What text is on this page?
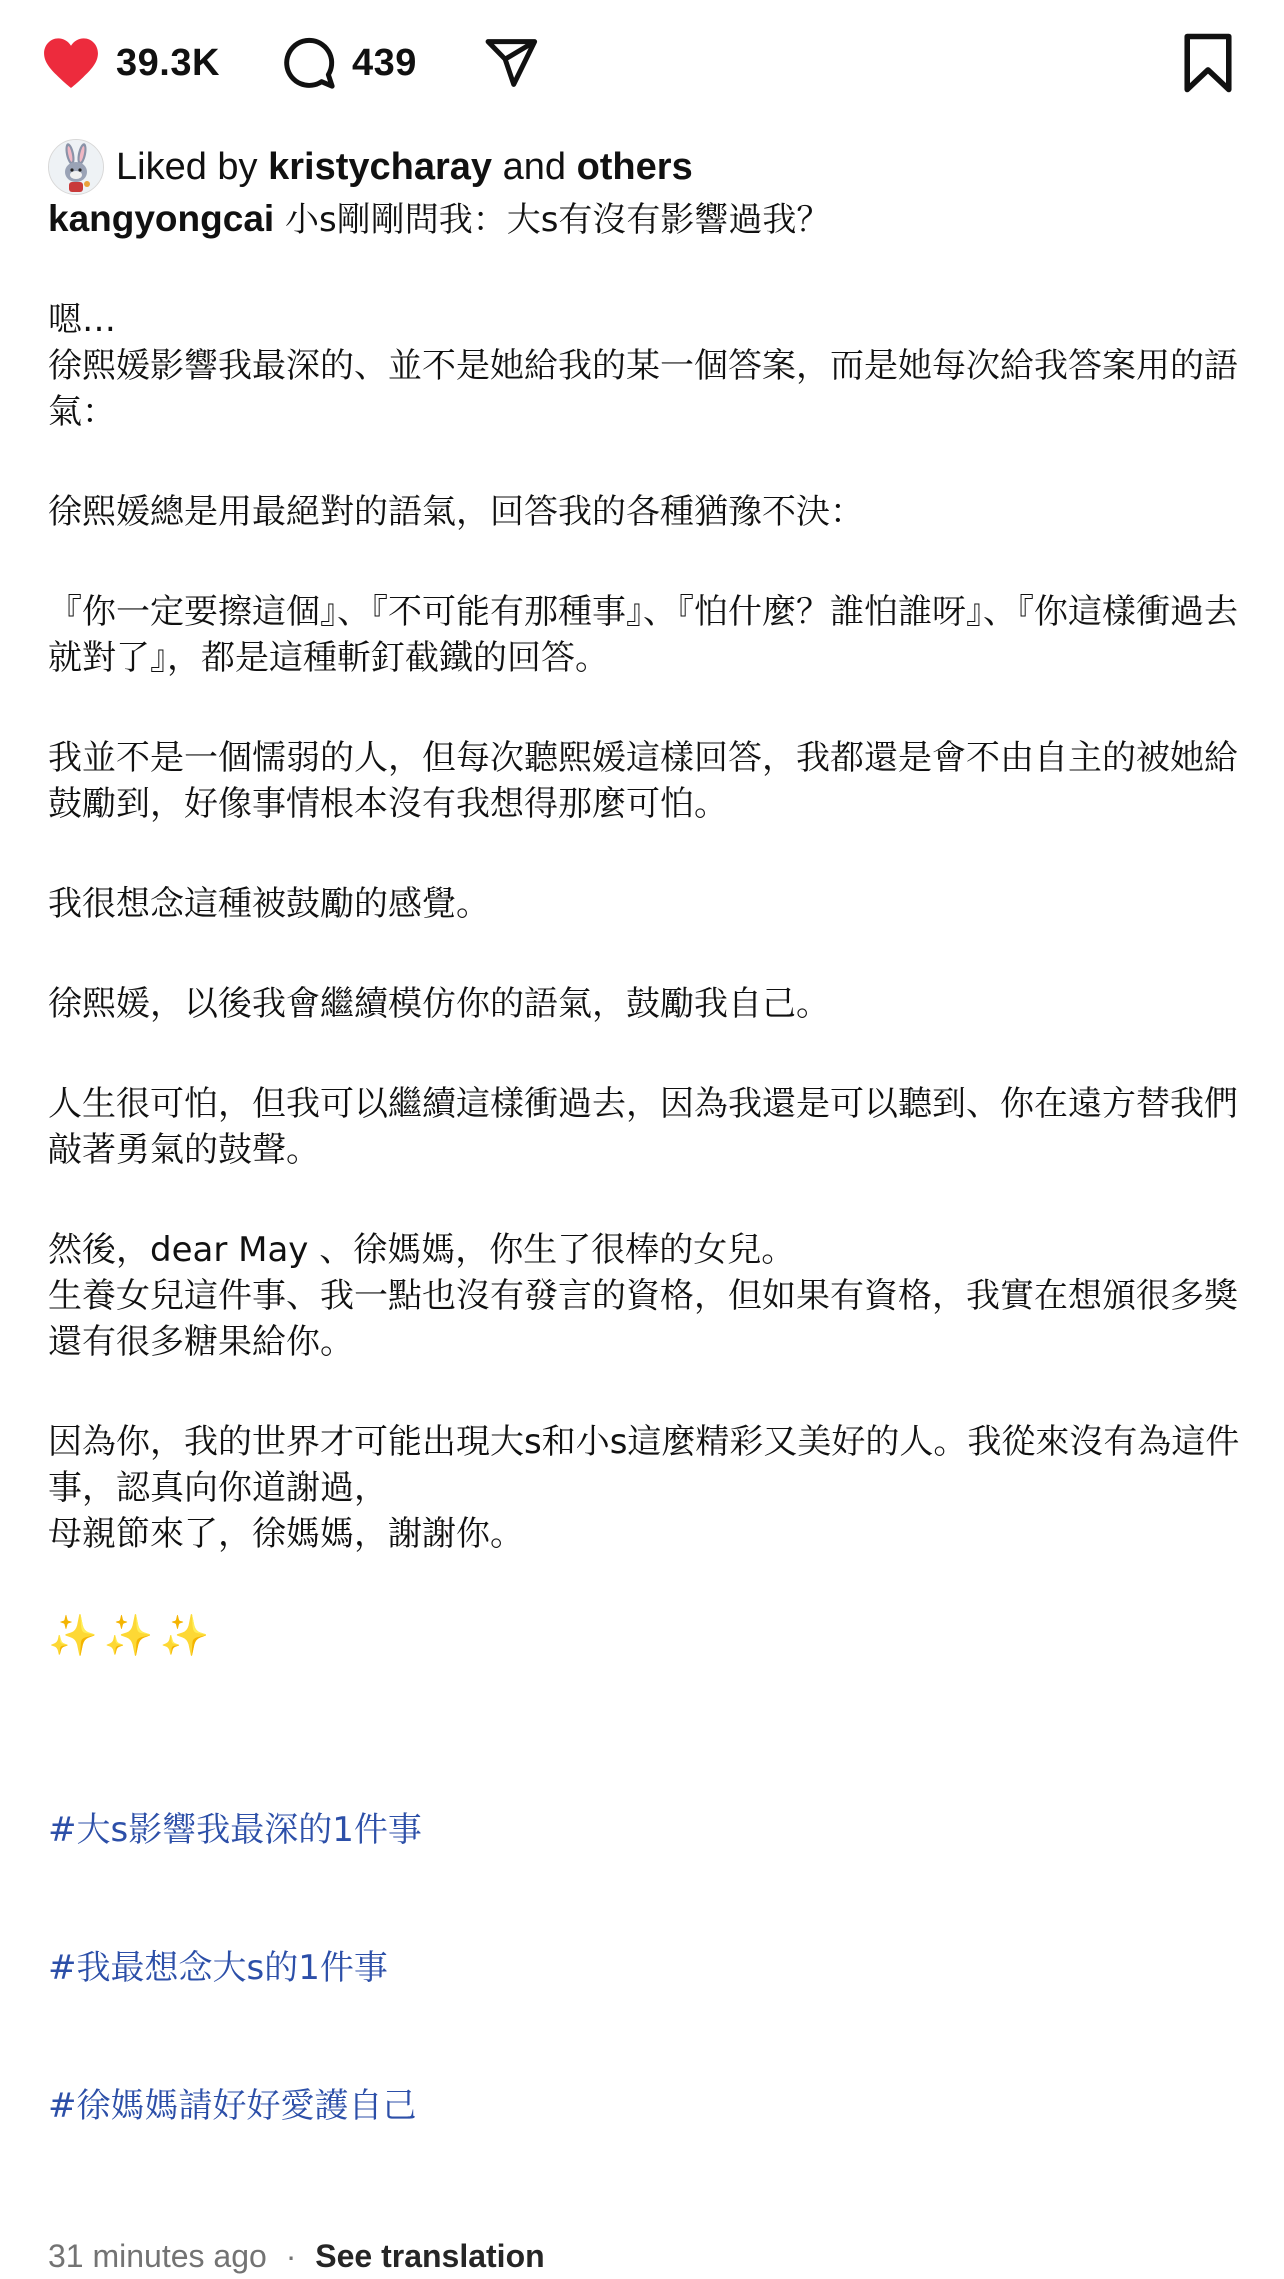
39.3K	439
Liked by kristycharay and others

kangyongcai 小s剛剛問我：大s有沒有影響過我？

嗯…
徐熙媛影響我最深的、並不是她給我的某一個答案，而是她每次給我答案用的語氣：

徐熙媛總是用最絕對的語氣，回答我的各種猶豫不決：

『你一定要擦這個』、『不可能有那種事』、『怕什麼？誰怕誰呀』、『你這樣衝過去就對了』，都是這種斬釘截鐵的回答。

我並不是一個懦弱的人，但每次聽熙媛這樣回答，我都還是會不由自主的被她給鼓勵到，好像事情根本沒有我想得那麼可怕。

我很想念這種被鼓勵的感覺。

徐熙媛，以後我會繼續模仿你的語氣，鼓勵我自己。

人生很可怕，但我可以繼續這樣衝過去，因為我還是可以聽到、你在遠方替我們敲著勇氣的鼓聲。

然後，dear May 、徐媽媽，你生了很棒的女兒。
生養女兒這件事、我一點也沒有發言的資格，但如果有資格，我實在想頒很多獎還有很多糖果給你。

因為你，我的世界才可能出現大s和小s這麼精彩又美好的人。我從來沒有為這件事，認真向你道謝過，
母親節來了，徐媽媽，謝謝你。

✨✨✨

#大s影響我最深的1件事

#我最想念大s的1件事

#徐媽媽請好好愛護自己

31 minutes ago · See translation
